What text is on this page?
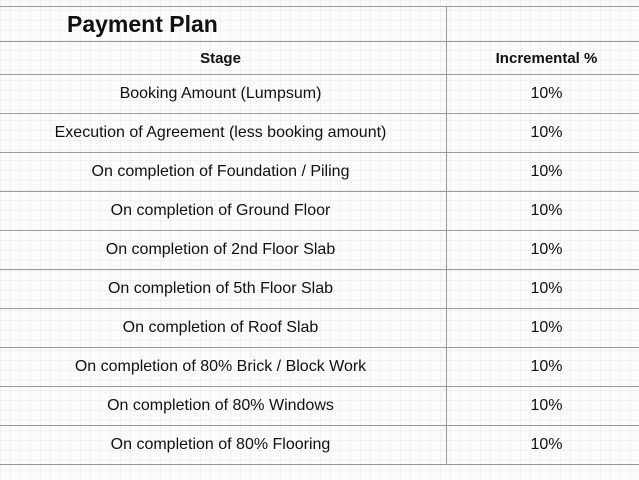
Payment Plan	
Stage	Incremental %
Booking Amount (Lumpsum)	10%
Execution of Agreement (less booking amount)	10%
On completion of Foundation / Piling	10%
On completion of Ground Floor	10%
On completion of 2nd Floor Slab	10%
On completion of 5th Floor Slab	10%
On completion of Roof Slab	10%
On completion of 80% Brick / Block Work	10%
On completion of 80% Windows	10%
On completion of 80% Flooring	10%
